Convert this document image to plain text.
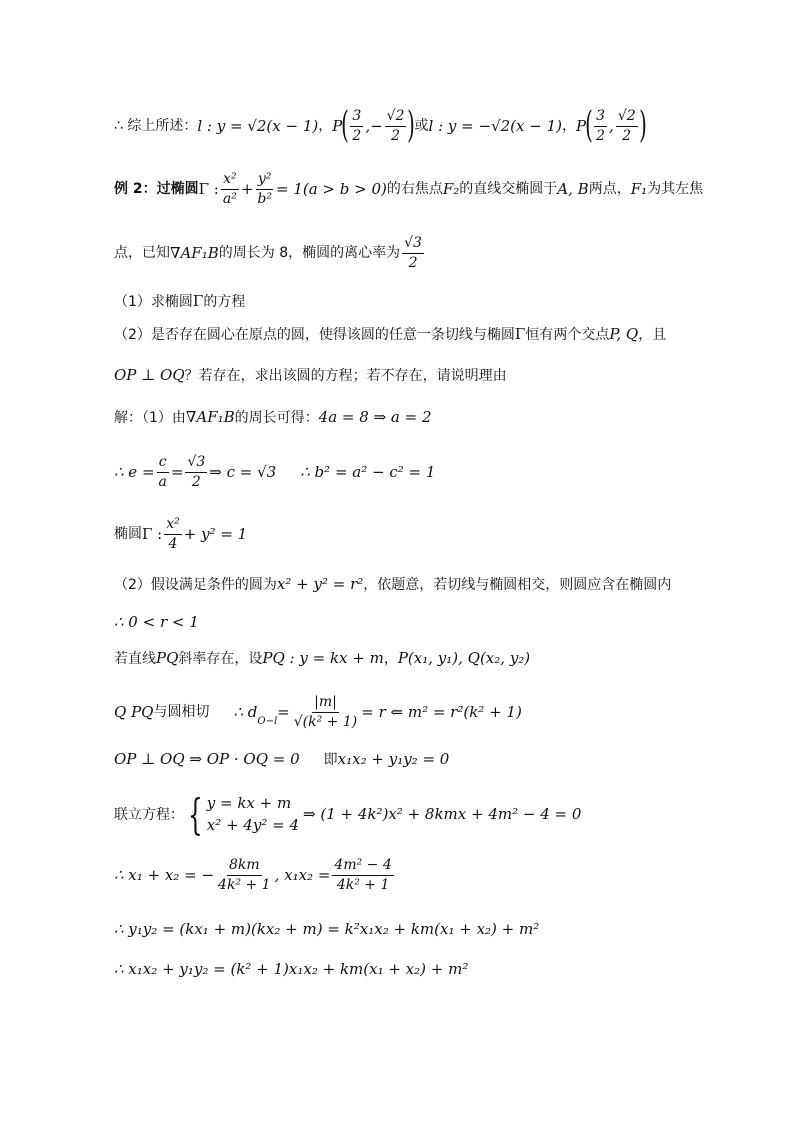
∴ 综上所述： l : y = √2(x − 1) ， P ( $\frac{3}{2}$ ,− $\frac{√2}{2}$ ) 或 l : y = −√2(x − 1) ， P ( $\frac{3}{2}$ , $\frac{√2}{2}$ )
例 2：过椭圆 Γ : $\frac{\text{x²}}{\text{a²}} + \frac{\text{y²}}{\text{b²}} = 1(a > b > 0)$ 的右焦点 F₂ 的直线交椭圆于 A, B 两点， F₁ 为其左焦
点，已知 ∇AF₁B 的周长为 8，椭圆的离心率为 $\frac{√3}{2}$
（1）求椭圆 Γ 的方程
（2）是否存在圆心在原点的圆，使得该圆的任意一条切线与椭圆 Γ 恒有两个交点 P, Q ，且
OP ⊥ OQ ？若存在，求出该圆的方程；若不存在，请说明理由
解：（1）由 ∇AF₁B 的周长可得： 4a = 8 ⇒ a = 2
∴ $e = \frac{c}{a} = \frac{√3}{2}$ ⇒ c = √3 ∴ b² = a² − c² = 1
椭圆 Γ : $\frac{\text{x²}}{4} + y^2 = 1$
（2）假设满足条件的圆为 x² + y² = r² ，依题意，若切线与椭圆相交，则圆应含在椭圆内
∴ 0 < r < 1
若直线 PQ 斜率存在，设 PQ : y = kx + m ， P(x₁, y₁), Q(x₂, y₂)
Q PQ 与圆相切 ∴ d
O−l
= $\frac{|m|}{\text{√(k² + 1)}} = r$ ⇐ m² = r²(k² + 1)
OP ⊥ OQ ⇒ OP · OQ = 0 即 x₁x₂ + y₁y₂ = 0
联立方程： { y = kx + m
x² + 4y² = 4
⇒ (1 + 4k²)x² + 8kmx + 4m² − 4 = 0
∴ x₁ + x₂ = − $\frac{8km}{\text{4k² + 1}}$ , $x_1x_2 = \frac{\text{4m² − 4}}{\text{4k² + 1}}$
∴ y₁y₂ = (kx₁ + m)(kx₂ + m) = k²x₁x₂ + km(x₁ + x₂) + m²
∴ x₁x₂ + y₁y₂ = (k² + 1)x₁x₂ + km(x₁ + x₂) + m²
